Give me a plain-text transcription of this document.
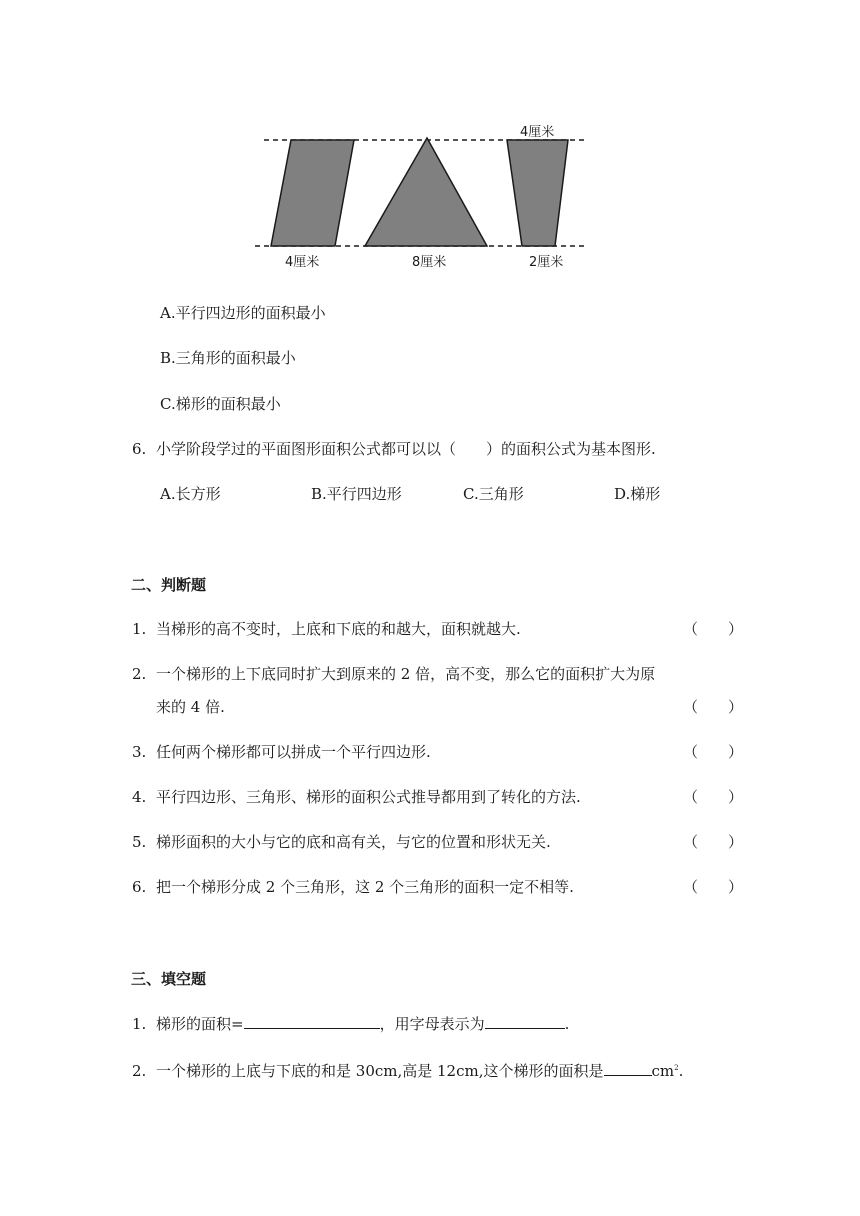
4厘米
4厘米	8厘米	2厘米
A.平行四边形的面积最小
B.三角形的面积最小
C.梯形的面积最小
6. 小学阶段学过的平面图形面积公式都可以以（　　）的面积公式为基本图形.
A.长方形	B.平行四边形	C.三角形	D.梯形
二、判断题
1. 当梯形的高不变时，上底和下底的和越大，面积就越大.	（　　）
2. 一个梯形的上下底同时扩大到原来的 2 倍，高不变，那么它的面积扩大为原
来的 4 倍.	（　　）
3. 任何两个梯形都可以拼成一个平行四边形.	（　　）
4. 平行四边形、三角形、梯形的面积公式推导都用到了转化的方法.	（　　）
5. 梯形面积的大小与它的底和高有关，与它的位置和形状无关.	（　　）
6. 把一个梯形分成 2 个三角形，这 2 个三角形的面积一定不相等.	（　　）
三、填空题
1. 梯形的面积=	，用字母表示为	.
2. 一个梯形的上底与下底的和是 30cm,高是 12cm,这个梯形的面积是	$cm^2$.
